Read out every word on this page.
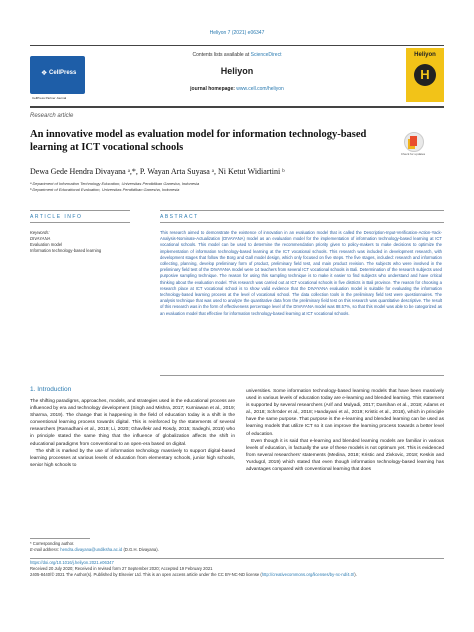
Heliyon 7 (2021) e06347
❖ CellPress
CellPress Partner Journal
Contents lists available at ScienceDirect
Heliyon
journal homepage: www.cell.com/heliyon
Heliyon
H
Research article
An innovative model as evaluation model for information technology-based learning at ICT vocational schools
Check for updates
Dewa Gede Hendra Divayana ᵃ,*, P. Wayan Arta Suyasa ᵃ, Ni Ketut Widiartini ᵇ
ᵃ Department of Information Technology Education, Universitas Pendidikan Ganesha, Indonesia
ᵇ Department of Educational Evaluation, Universitas Pendidikan Ganesha, Indonesia
ARTICLE INFO
Keywords:
DIVAYANA
Evaluation model
Information technology-based learning
ABSTRACT
This research aimed to demonstrate the existence of innovation in an evaluation model that is called the Description-Input-Verification-Action-Yack-Analysis-Nominate-Actualization (DIVAYANA) model as an evaluation model for the implementation of information technology-based learning at ICT vocational schools. This model can be used to determine the recommendation priority given to policy-makers to make decisions to optimize the implementation of information technology-based learning at the ICT vocational schools. This research was included in development research, with development stages that follow the Borg and Gall model design, which only focused on five steps. The five stages, included: research and information collecting, planning, develop preliminary form of product, preliminary field test, and main product revision. The subjects who were involved in the preliminary field test of the DIVAYANA model were 14 teachers from several ICT vocational schools in Bali. Determination of the research subjects used purposive sampling technique. The reason for using this sampling technique is to make it easier to find subjects who understand and have critical thinking about the evaluation model. This research was carried out at ICT vocational schools in five districts in Bali province. The reason for choosing a research place at ICT vocational school is to show valid evidence that the DIVAYANA evaluation model is suitable for evaluating the information technology-based learning process at the level of vocational school. The data collection tools in the preliminary field test were questionnaires. The analysis technique that was used to analyze the quantitative data from the preliminary field test on this research was quantitative descriptive. The result of this research was in the form of effectiveness percentage level of the DIVAYANA model was 88.57%, so that this model was able to be categorized as an evaluation model that effective for information technology-based learning at ICT vocational schools.
1. Introduction
The shifting paradigms, approaches, models, and strategies used in the educational process are influenced by era and technology development (Singh and Mishra, 2017; Kurniawan et al., 2019; Sharma, 2019). The change that is happening in the field of education today is a shift in the conventional learning process towards digital. This is reinforced by the statements of several researchers (Ramadhani et al., 2019; Li, 2020; Ghavifekr and Rosdy, 2015; Sadeghi, 2019) who in principle stated the same thing that the influence of globalization affects the shift in educational paradigms from conventional to an open-era based on digital.
The shift is marked by the use of information technology massively to support digital-based learning processes at various levels of education from elementary schools, junior high schools, senior high schools to
universities. Some information technology-based learning models that have been massively used in various levels of education today are e-learning and blended learning. This statement is supported by several researchers (Arif and Mulyadi, 2017; Darsihan et al., 2018; Adams et al., 2018; Schröder et al., 2018; Handayani et al., 2019; Kristic et al., 2018), which in principle have the same purpose. That purpose is the e-learning and blended learning can be used as learning models that utilize ICT so it can improve the learning process towards a better level of education.
Even though it is said that e-learning and blended learning models are familiar in various levels of education, in factually the use of these models is not optimum yet. This is evidenced from several researchers' statements (Medina, 2018; Kristic and Zivkovic, 2018; Keskin and Yurdugül, 2019) which stated that even though information technology-based learning has advantages compared with conventional learning that does
* Corresponding author.
E-mail address: hendra.divayana@undiksha.ac.id (D.G.H. Divayana).
https://doi.org/10.1016/j.heliyon.2021.e06347
Received 20 July 2020; Received in revised form 27 September 2020; Accepted 19 February 2021
2405-8440/© 2021 The Author(s). Published by Elsevier Ltd. This is an open access article under the CC BY-NC-ND license (http://creativecommons.org/licenses/by-nc-nd/4.0/).
